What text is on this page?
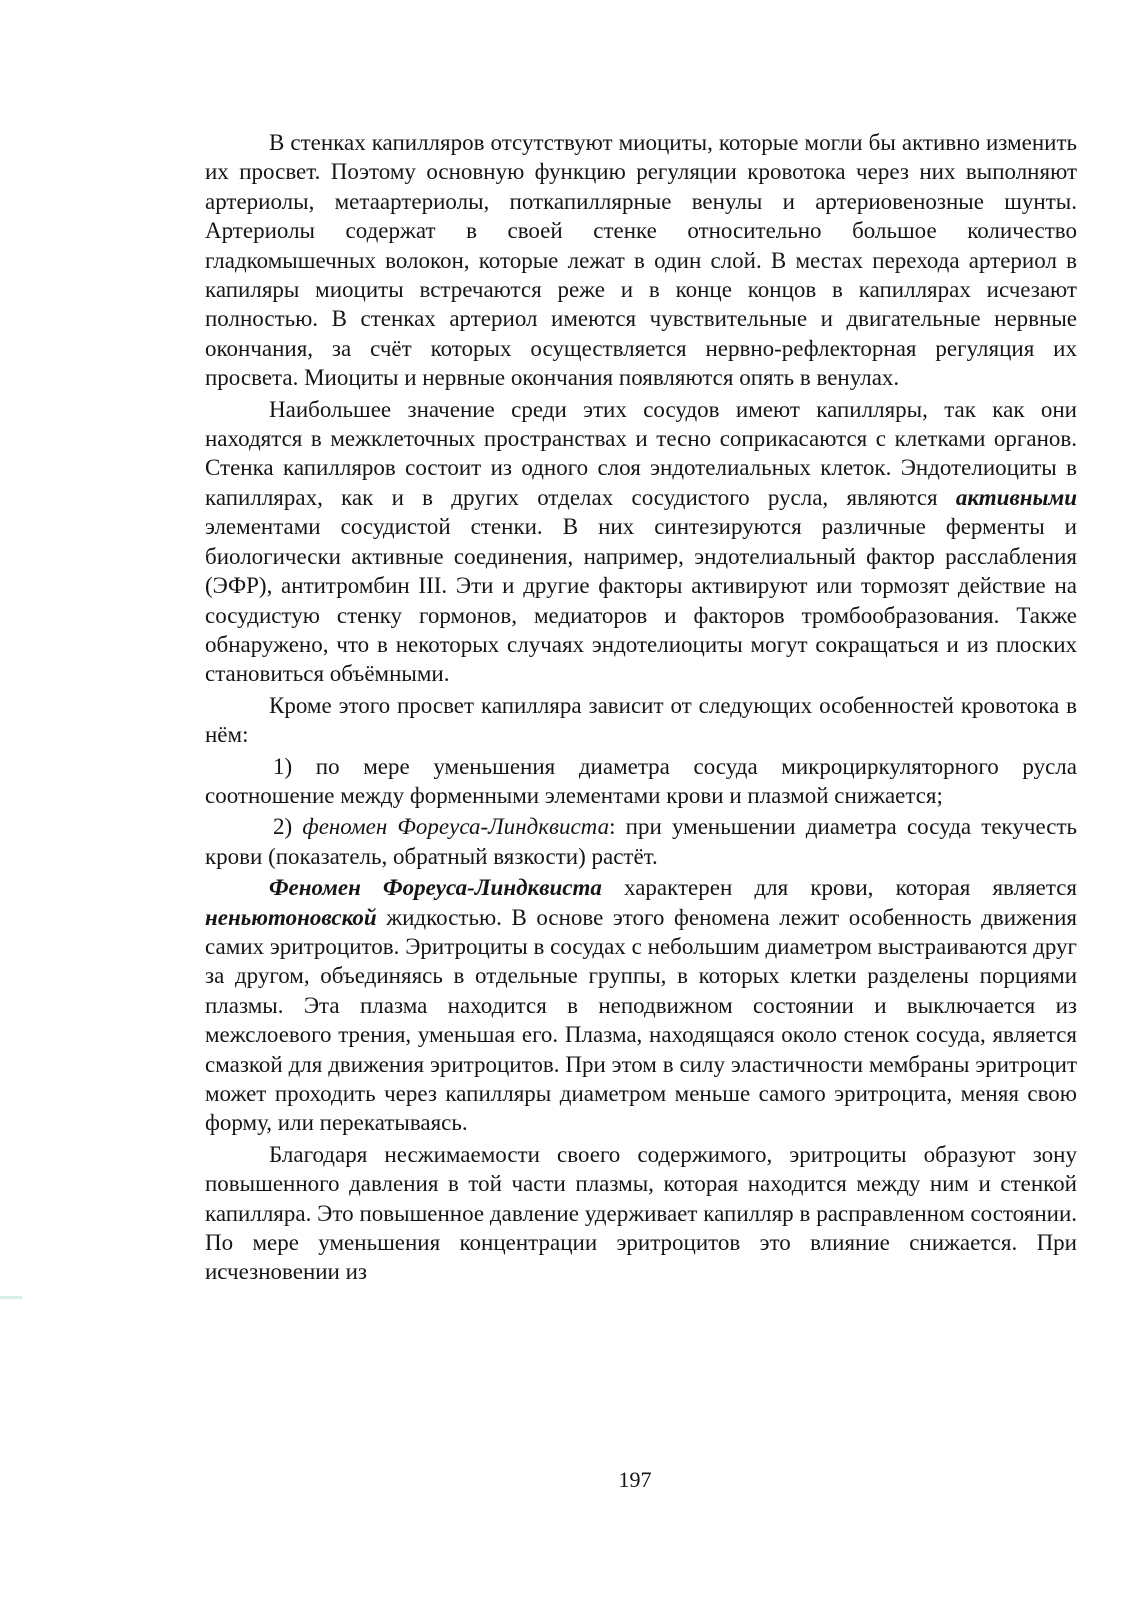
В стенках капилляров отсутствуют миоциты, которые могли бы активно изменить их просвет. Поэтому основную функцию регуляции кровотока через них выполняют артериолы, метаартериолы, поткапиллярные венулы и артериовенозные шунты. Артериолы содержат в своей стенке относительно большое количество гладкомышечных волокон, которые лежат в один слой. В местах перехода артериол в капиляры миоциты встречаются реже и в конце концов в капиллярах исчезают полностью. В стенках артериол имеются чувствительные и двигательные нервные окончания, за счёт которых осуществляется нервно-рефлекторная регуляция их просвета. Миоциты и нервные окончания появляются опять в венулах.

Наибольшее значение среди этих сосудов имеют капилляры, так как они находятся в межклеточных пространствах и тесно соприкасаются с клетками органов. Стенка капилляров состоит из одного слоя эндотелиальных клеток. Эндотелиоциты в капиллярах, как и в других отделах сосудистого русла, являются активными элементами сосудистой стенки. В них синтезируются различные ферменты и биологически активные соединения, например, эндотелиальный фактор расслабления (ЭФР), антитромбин III. Эти и другие факторы активируют или тормозят действие на сосудистую стенку гормонов, медиаторов и факторов тромбообразования. Также обнаружено, что в некоторых случаях эндотелиоциты могут сокращаться и из плоских становиться объёмными.

Кроме этого просвет капилляра зависит от следующих особенностей кровотока в нём:

1) по мере уменьшения диаметра сосуда микроциркуляторного русла соотношение между форменными элементами крови и плазмой снижается;

2) феномен Фореуса-Линдквиста: при уменьшении диаметра сосуда текучесть крови (показатель, обратный вязкости) растёт.

Феномен Фореуса-Линдквиста характерен для крови, которая является неньютоновской жидкостью. В основе этого феномена лежит особенность движения самих эритроцитов. Эритроциты в сосудах с небольшим диаметром выстраиваются друг за другом, объединяясь в отдельные группы, в которых клетки разделены порциями плазмы. Эта плазма находится в неподвижном состоянии и выключается из межслоевого трения, уменьшая его. Плазма, находящаяся около стенок сосуда, является смазкой для движения эритроцитов. При этом в силу эластичности мембраны эритроцит может проходить через капилляры диаметром меньше самого эритроцита, меняя свою форму, или перекатываясь.

Благодаря несжимаемости своего содержимого, эритроциты образуют зону повышенного давления в той части плазмы, которая находится между ним и стенкой капилляра. Это повышенное давление удерживает капилляр в расправленном состоянии. По мере уменьшения концентрации эритроцитов это влияние снижается. При исчезновении из

197
